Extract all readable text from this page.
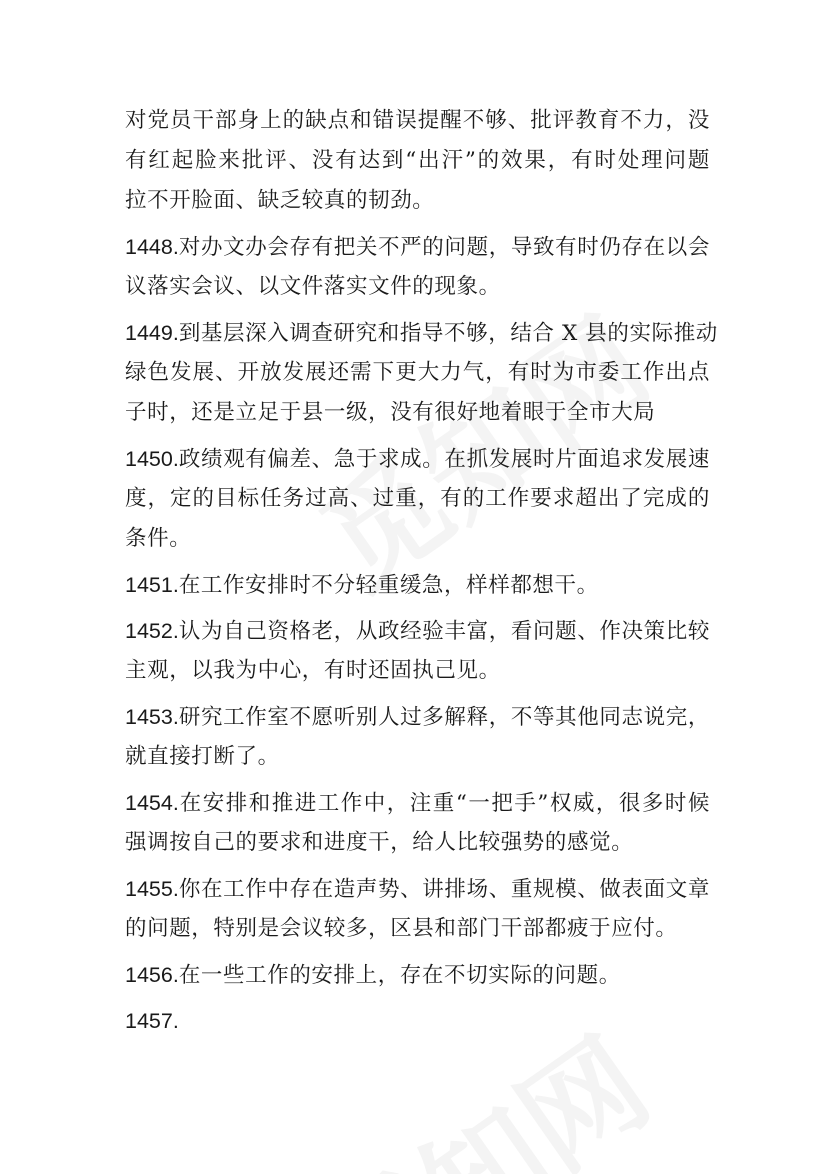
对党员干部身上的缺点和错误提醒不够、批评教育不力，没
有红起脸来批评、没有达到“出汗”的效果，有时处理问题
拉不开脸面、缺乏较真的韧劲。
1448.对办文办会存有把关不严的问题，导致有时仍存在以会
议落实会议、以文件落实文件的现象。
1449.到基层深入调查研究和指导不够，结合 X 县的实际推动
绿色发展、开放发展还需下更大力气，有时为市委工作出点
子时，还是立足于县一级，没有很好地着眼于全市大局
1450.政绩观有偏差、急于求成。在抓发展时片面追求发展速
度，定的目标任务过高、过重，有的工作要求超出了完成的
条件。
1451.在工作安排时不分轻重缓急，样样都想干。
1452.认为自己资格老，从政经验丰富，看问题、作决策比较
主观，以我为中心，有时还固执己见。
1453.研究工作室不愿听别人过多解释，不等其他同志说完，
就直接打断了。
1454.在安排和推进工作中，注重“一把手”权威，很多时候
强调按自己的要求和进度干，给人比较强势的感觉。
1455.你在工作中存在造声势、讲排场、重规模、做表面文章
的问题，特别是会议较多，区县和部门干部都疲于应付。
1456.在一些工作的安排上，存在不切实际的问题。
1457.
